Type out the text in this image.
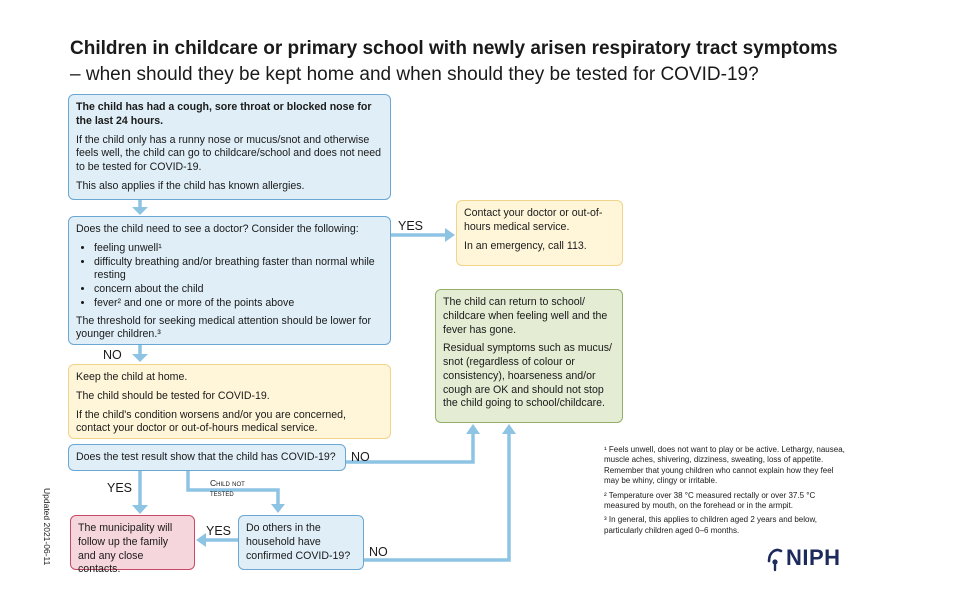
Children in childcare or primary school with newly arisen respiratory tract symptoms
– when should they be kept home and when should they be tested for COVID-19?

The child has had a cough, sore throat or blocked nose for the last 24 hours.

If the child only has a runny nose or mucus/snot and otherwise feels well, the child can go to childcare/school and does not need to be tested for COVID-19.

This also applies if the child has known allergies.

Does the child need to see a doctor? Consider the following:

• feeling unwell¹
• difficulty breathing and/or breathing faster than normal while resting
• concern about the child
• fever² and one or more of the points above

The threshold for seeking medical attention should be lower for younger children.³

Contact your doctor or out-of-hours medical service.

In an emergency, call 113.

The child can return to school/ childcare when feeling well and the fever has gone.

Residual symptoms such as mucus/ snot (regardless of colour or consistency), hoarseness and/or cough are OK and should not stop the child going to school/childcare.

Keep the child at home.

The child should be tested for COVID-19.

If the child's condition worsens and/or you are concerned, contact your doctor or out-of-hours medical service.

Does the test result show that the child has COVID-19?

The municipality will follow up the family and any close contacts.

Do others in the household have confirmed COVID-19?

YES
NO
NO
YES	Child not
tested
YES
NO

¹ Feels unwell, does not want to play or be active. Lethargy, nausea, muscle aches, shivering, dizziness, sweating, loss of appetite. Remember that young children who cannot explain how they feel may be whiny, clingy or irritable.

² Temperature over 38 °C measured rectally or over 37.5 °C measured by mouth, on the forehead or in the armpit.

³ In general, this applies to children aged 2 years and below, particularly children aged 0–6 months.

Updated 2021-06-11	NIPH
